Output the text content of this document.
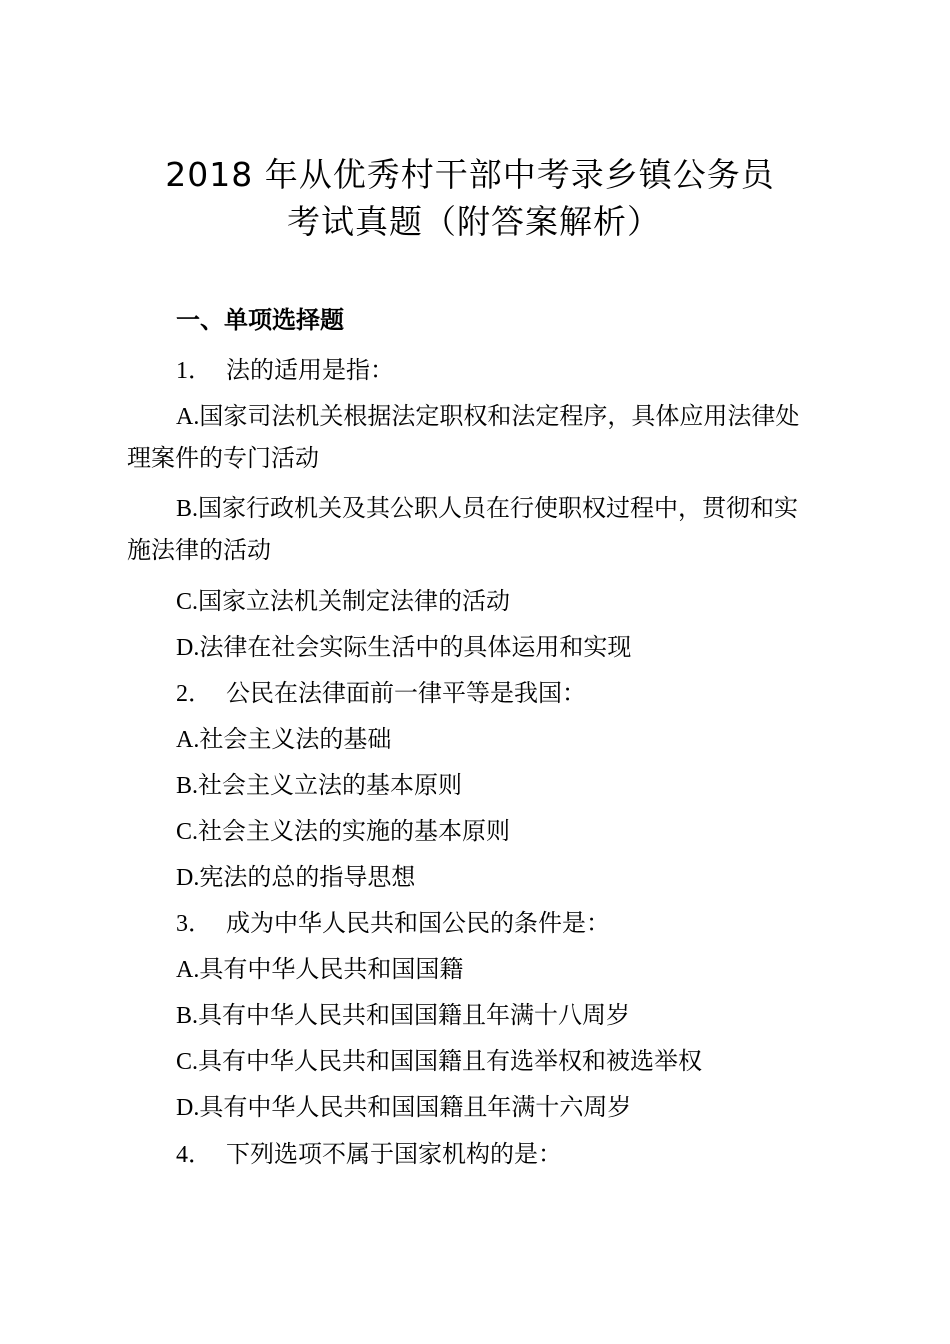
2018 年从优秀村干部中考录乡镇公务员
考试真题（附答案解析）
一、单项选择题
1． 法的适用是指：
A.国家司法机关根据法定职权和法定程序，具体应用法律处
理案件的专门活动
B.国家行政机关及其公职人员在行使职权过程中，贯彻和实
施法律的活动
C.国家立法机关制定法律的活动
D.法律在社会实际生活中的具体运用和实现
2． 公民在法律面前一律平等是我国：
A.社会主义法的基础
B.社会主义立法的基本原则
C.社会主义法的实施的基本原则
D.宪法的总的指导思想
3． 成为中华人民共和国公民的条件是：
A.具有中华人民共和国国籍
B.具有中华人民共和国国籍且年满十八周岁
C.具有中华人民共和国国籍且有选举权和被选举权
D.具有中华人民共和国国籍且年满十六周岁
4． 下列选项不属于国家机构的是：
